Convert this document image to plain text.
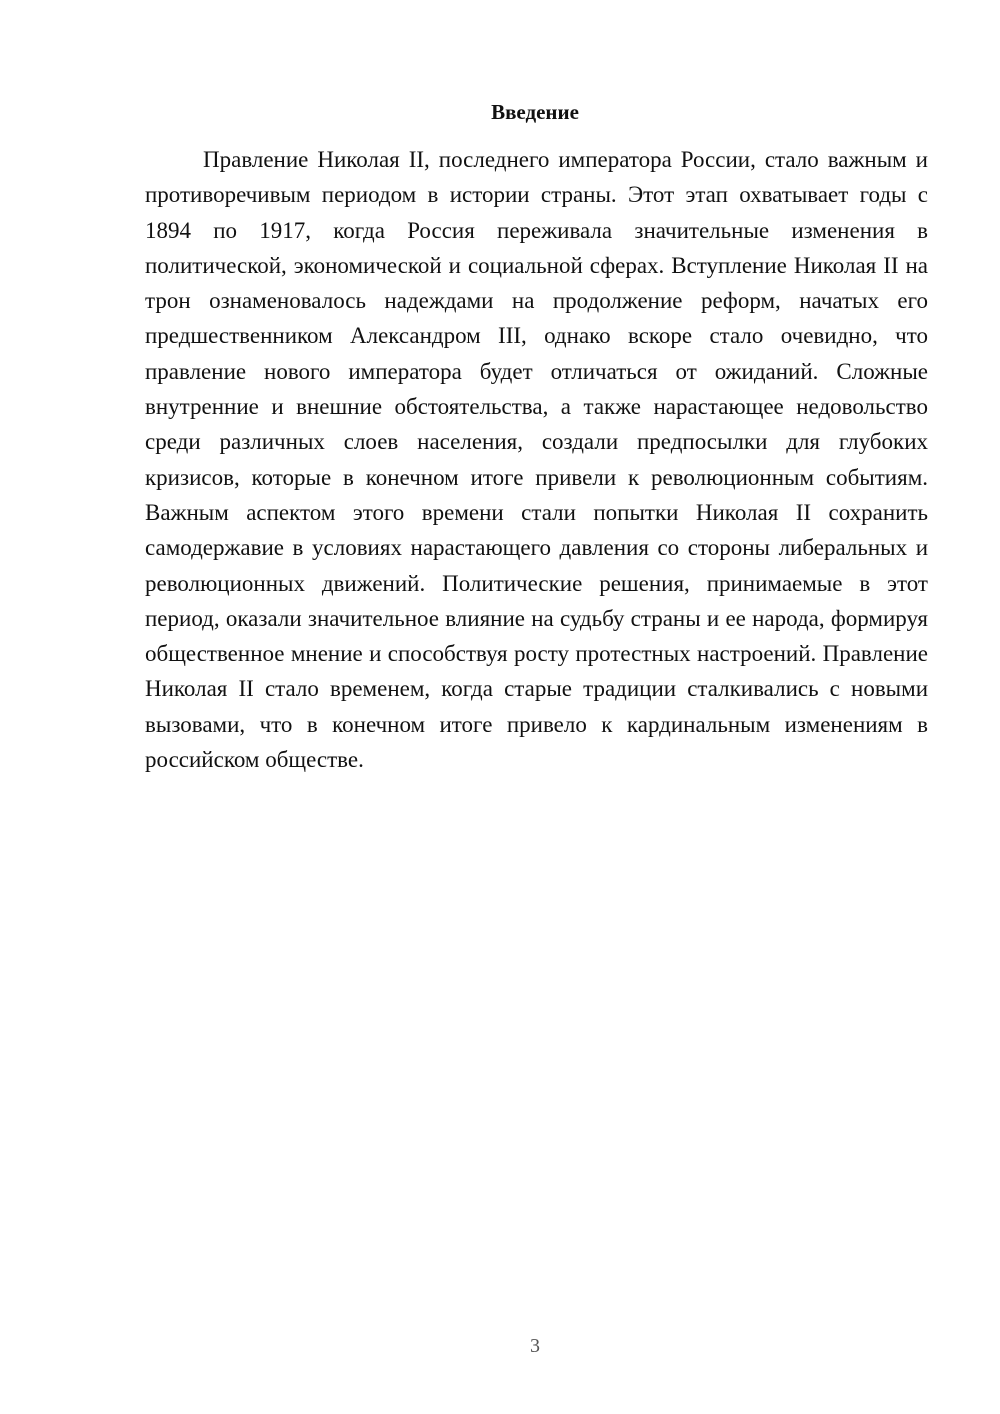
Введение

Правление Николая II, последнего императора России, стало важным и противоречивым периодом в истории страны. Этот этап охватывает годы с 1894 по 1917, когда Россия переживала значительные изменения в политической, экономической и социальной сферах. Вступление Николая II на трон ознаменовалось надеждами на продолжение реформ, начатых его предшественником Александром III, однако вскоре стало очевидно, что правление нового императора будет отличаться от ожиданий. Сложные внутренние и внешние обстоятельства, а также нарастающее недовольство среди различных слоев населения, создали предпосылки для глубоких кризисов, которые в конечном итоге привели к революционным событиям. Важным аспектом этого времени стали попытки Николая II сохранить самодержавие в условиях нарастающего давления со стороны либеральных и революционных движений. Политические решения, принимаемые в этот период, оказали значительное влияние на судьбу страны и ее народа, формируя общественное мнение и способствуя росту протестных настроений. Правление Николая II стало временем, когда старые традиции сталкивались с новыми вызовами, что в конечном итоге привело к кардинальным изменениям в российском обществе.

3
